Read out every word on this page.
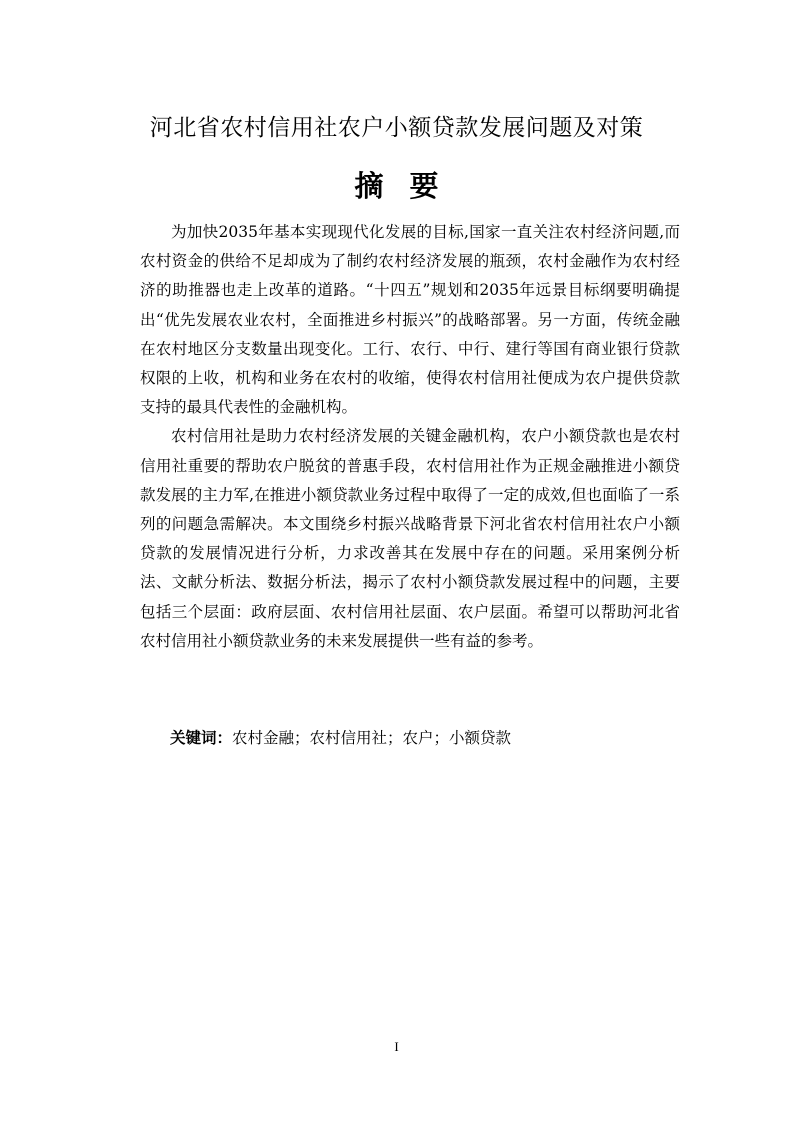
河北省农村信用社农户小额贷款发展问题及对策
摘要

为加快2035年基本实现现代化发展的目标,国家一直关注农村经济问题,而农村资金的供给不足却成为了制约农村经济发展的瓶颈，农村金融作为农村经济的助推器也走上改革的道路。“十四五”规划和2035年远景目标纲要明确提出“优先发展农业农村，全面推进乡村振兴”的战略部署。另一方面，传统金融在农村地区分支数量出现变化。工行、农行、中行、建行等国有商业银行贷款权限的上收，机构和业务在农村的收缩，使得农村信用社便成为农户提供贷款支持的最具代表性的金融机构。

农村信用社是助力农村经济发展的关键金融机构，农户小额贷款也是农村信用社重要的帮助农户脱贫的普惠手段，农村信用社作为正规金融推进小额贷款发展的主力军,在推进小额贷款业务过程中取得了一定的成效,但也面临了一系列的问题急需解决。本文围绕乡村振兴战略背景下河北省农村信用社农户小额贷款的发展情况进行分析，力求改善其在发展中存在的问题。采用案例分析法、文献分析法、数据分析法，揭示了农村小额贷款发展过程中的问题，主要包括三个层面：政府层面、农村信用社层面、农户层面。希望可以帮助河北省农村信用社小额贷款业务的未来发展提供一些有益的参考。

关键词：农村金融；农村信用社；农户；小额贷款
I
